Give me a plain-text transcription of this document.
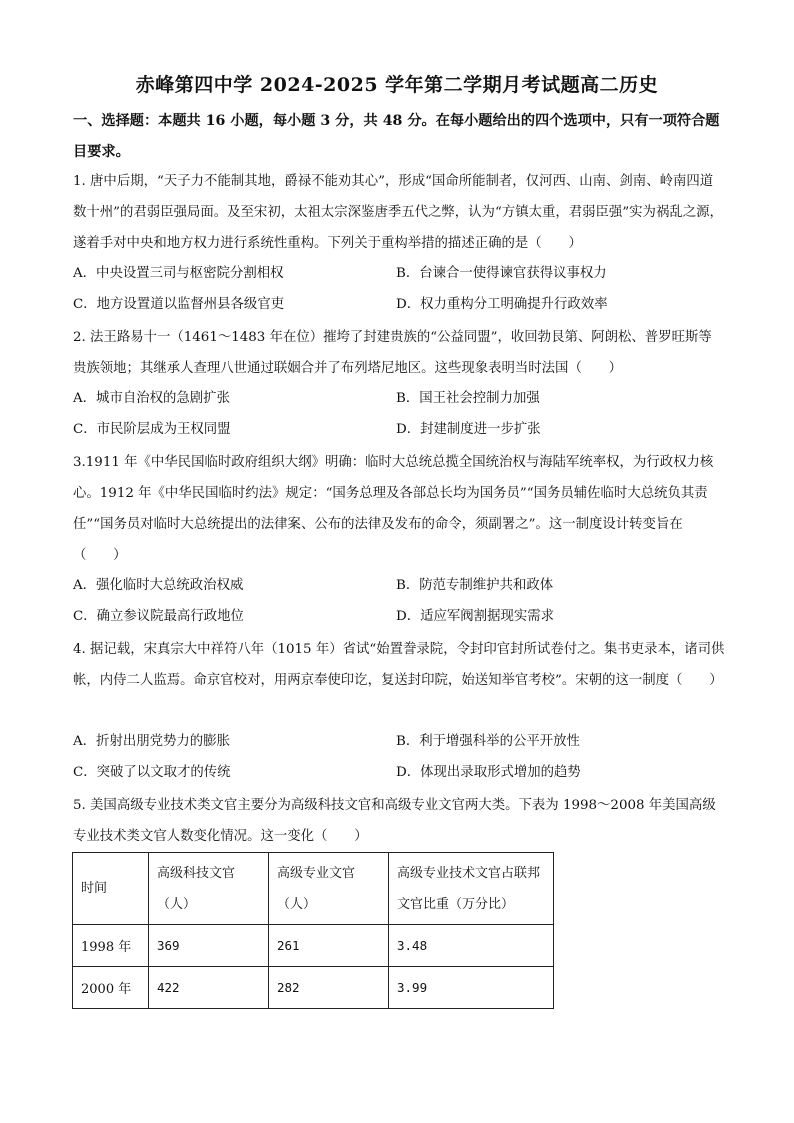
赤峰第四中学 2024-2025 学年第二学期月考试题高二历史
一、选择题：本题共 16 小题，每小题 3 分，共 48 分。在每小题给出的四个选项中，只有一项符合题目要求。
1. 唐中后期，“天子力不能制其地，爵禄不能劝其心”，形成“国命所能制者，仅河西、山南、剑南、岭南四道数十州”的君弱臣强局面。及至宋初，太祖太宗深鉴唐季五代之弊，认为“方镇太重，君弱臣强”实为祸乱之源，遂着手对中央和地方权力进行系统性重构。下列关于重构举措的描述正确的是（　　）
A．中央设置三司与枢密院分割相权	B．台谏合一使得谏官获得议事权力
C．地方设置道以监督州县各级官吏	D．权力重构分工明确提升行政效率
2. 法王路易十一（1461～1483 年在位）摧垮了封建贵族的“公益同盟”，收回勃艮第、阿朗松、普罗旺斯等贵族领地；其继承人查理八世通过联姻合并了布列塔尼地区。这些现象表明当时法国（　　）
A．城市自治权的急剧扩张	B．国王社会控制力加强
C．市民阶层成为王权同盟	D．封建制度进一步扩张
3.1911 年《中华民国临时政府组织大纲》明确：临时大总统总揽全国统治权与海陆军统率权，为行政权力核心。1912 年《中华民国临时约法》规定：“国务总理及各部总长均为国务员”“国务员辅佐临时大总统负其责任”“国务员对临时大总统提出的法律案、公布的法律及发布的命令，须副署之”。这一制度设计转变旨在（　　）
A．强化临时大总统政治权威	B．防范专制维护共和政体
C．确立参议院最高行政地位	D．适应军阀割据现实需求
4. 据记载，宋真宗大中祥符八年（1015 年）省试“始置誊录院，令封印官封所试卷付之。集书吏录本，诸司供帐，内侍二人监焉。命京官校对，用两京奉使印讫，复送封印院，始送知举官考校”。宋朝的这一制度（　　）
A．折射出朋党势力的膨胀	B．利于增强科举的公平开放性
C．突破了以文取才的传统	D．体现出录取形式增加的趋势
5. 美国高级专业技术类文官主要分为高级科技文官和高级专业文官两大类。下表为 1998～2008 年美国高级专业技术类文官人数变化情况。这一变化（　　）
时间	高级科技文官（人）	高级专业文官（人）	高级专业技术文官占联邦文官比重（万分比）
1998 年	369	261	3.48
2000 年	422	282	3.99
